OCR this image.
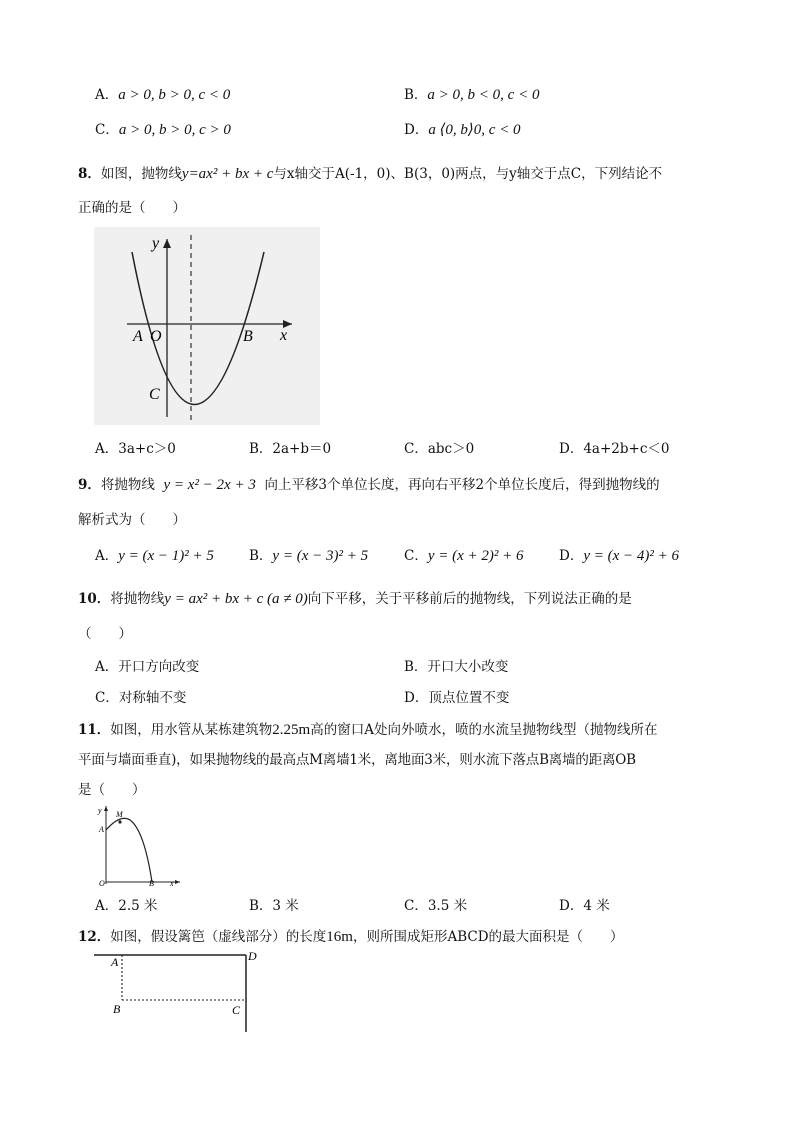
A．a > 0, b > 0, c < 0	B．a > 0, b < 0, c < 0
C．a > 0, b > 0, c > 0	D．a ⟨0, b⟩0, c < 0
8．如图，抛物线y=ax² + bx + c与x轴交于A(-1，0)、B(3，0)两点，与y轴交于点C，下列结论不
正确的是（　　）
y
x
A O	B
C
A．3a+c＞0	B．2a+b＝0	C．abc＞0	D．4a+2b+c＜0
9．将抛物线 y = x² − 2x + 3 向上平移3个单位长度，再向右平移2个单位长度后，得到抛物线的
解析式为（　　）
A．y = (x − 1)² + 5	B．y = (x − 3)² + 5	C．y = (x + 2)² + 6	D．y = (x − 4)² + 6
10．将抛物线y = ax² + bx + c (a ≠ 0)向下平移，关于平移前后的抛物线，下列说法正确的是
（　　）
A．开口方向改变	B．开口大小改变
C．对称轴不变	D．顶点位置不变
11．如图，用水管从某栋建筑物2.25m高的窗口A处向外喷水，喷的水流呈抛物线型（抛物线所在
平面与墙面垂直)，如果抛物线的最高点M离墙1米，离地面3米，则水流下落点B离墙的距离OB
是（　　）
y M
A
O	B x
A．2.5 米	B．3 米	C．3.5 米	D．4 米
12．如图，假设篱笆（虚线部分）的长度16m，则所围成矩形ABCD的最大面积是（　　）
A
B	C
D
